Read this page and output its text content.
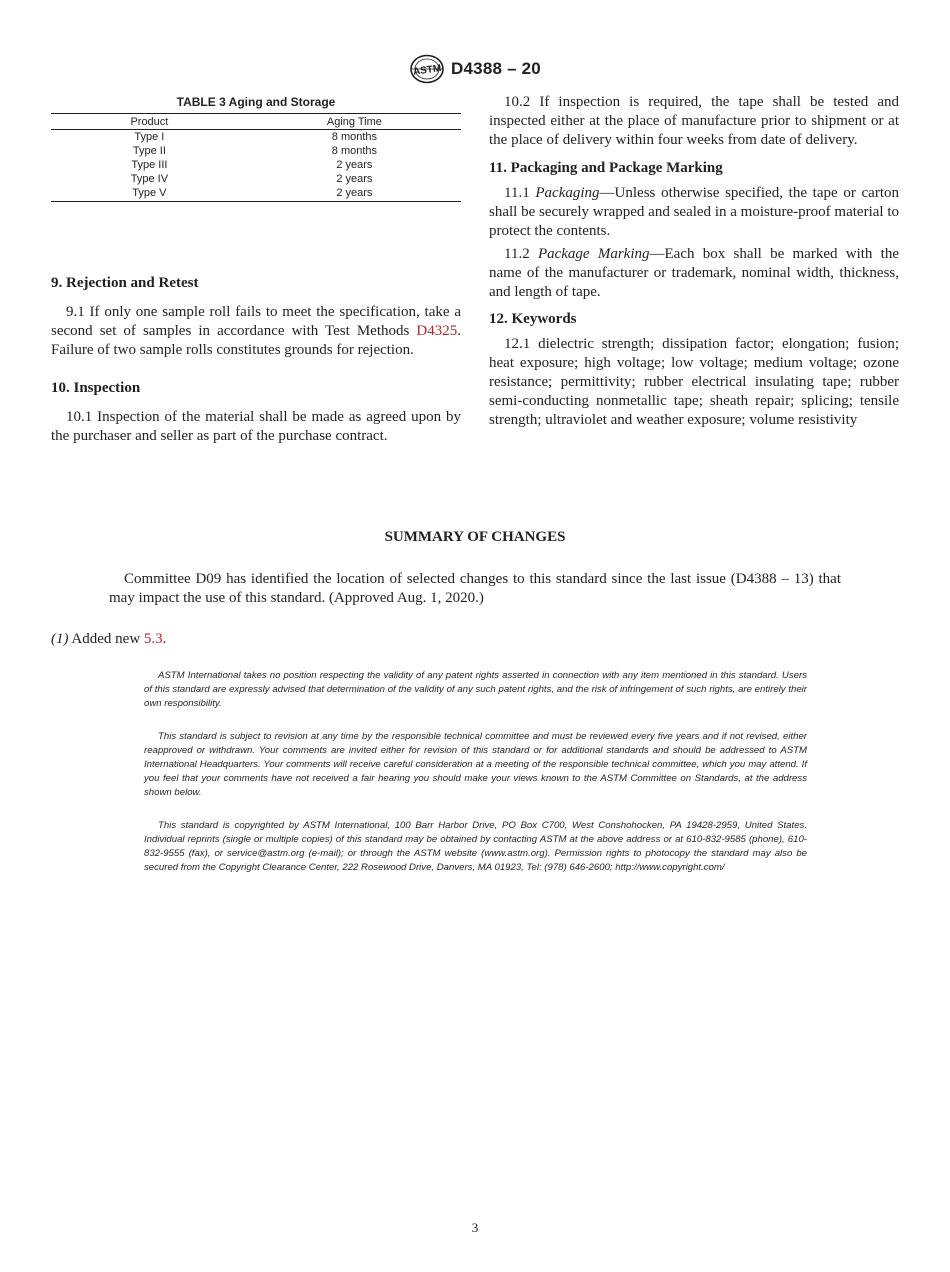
ASTM D4388 – 20
TABLE 3 Aging and Storage
Product	Aging Time
Type I	8 months
Type II	8 months
Type III	2 years
Type IV	2 years
Type V	2 years

9. Rejection and Retest

9.1 If only one sample roll fails to meet the specification, take a second set of samples in accordance with Test Methods D4325. Failure of two sample rolls constitutes grounds for rejection.

10. Inspection

10.1 Inspection of the material shall be made as agreed upon by the purchaser and seller as part of the purchase contract.

10.2 If inspection is required, the tape shall be tested and inspected either at the place of manufacture prior to shipment or at the place of delivery within four weeks from date of delivery.

11. Packaging and Package Marking

11.1 Packaging—Unless otherwise specified, the tape or carton shall be securely wrapped and sealed in a moisture-proof material to protect the contents.

11.2 Package Marking—Each box shall be marked with the name of the manufacturer or trademark, nominal width, thickness, and length of tape.

12. Keywords

12.1 dielectric strength; dissipation factor; elongation; fusion; heat exposure; high voltage; low voltage; medium voltage; ozone resistance; permittivity; rubber electrical insulating tape; rubber semi-conducting nonmetallic tape; sheath repair; splicing; tensile strength; ultraviolet and weather exposure; volume resistivity

SUMMARY OF CHANGES

Committee D09 has identified the location of selected changes to this standard since the last issue (D4388 – 13) that may impact the use of this standard. (Approved Aug. 1, 2020.)

(1) Added new 5.3.

ASTM International takes no position respecting the validity of any patent rights asserted in connection with any item mentioned in this standard. Users of this standard are expressly advised that determination of the validity of any such patent rights, and the risk of infringement of such rights, are entirely their own responsibility.

This standard is subject to revision at any time by the responsible technical committee and must be reviewed every five years and if not revised, either reapproved or withdrawn. Your comments are invited either for revision of this standard or for additional standards and should be addressed to ASTM International Headquarters. Your comments will receive careful consideration at a meeting of the responsible technical committee, which you may attend. If you feel that your comments have not received a fair hearing you should make your views known to the ASTM Committee on Standards, at the address shown below.

This standard is copyrighted by ASTM International, 100 Barr Harbor Drive, PO Box C700, West Conshohocken, PA 19428-2959, United States. Individual reprints (single or multiple copies) of this standard may be obtained by contacting ASTM at the above address or at 610-832-9585 (phone), 610-832-9555 (fax), or service@astm.org (e-mail); or through the ASTM website (www.astm.org). Permission rights to photocopy the standard may also be secured from the Copyright Clearance Center, 222 Rosewood Drive, Danvers, MA 01923, Tel: (978) 646-2600; http://www.copyright.com/

3
